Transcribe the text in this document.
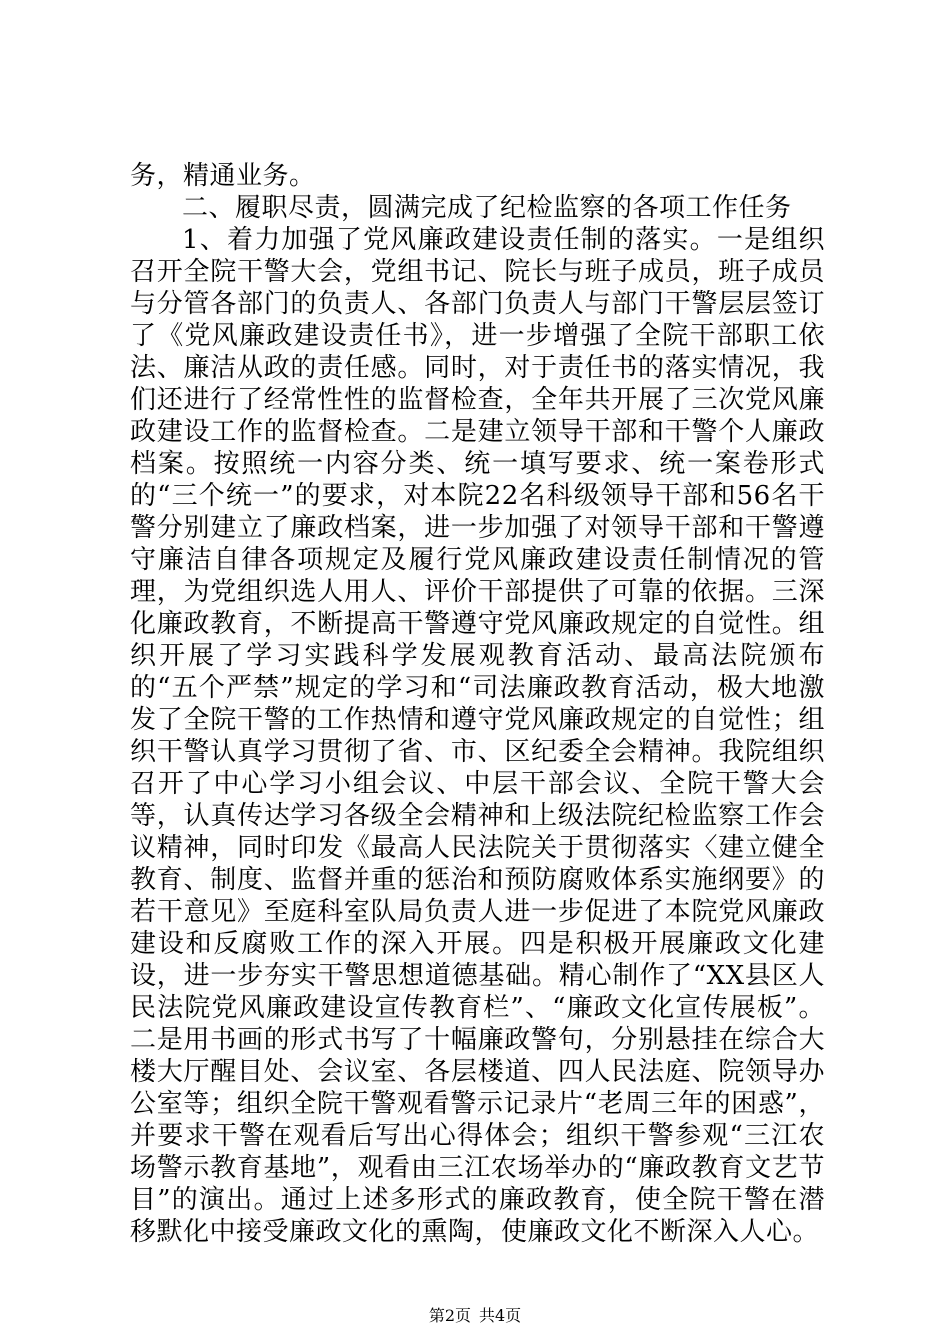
务，精通业务。

二、履职尽责，圆满完成了纪检监察的各项工作任务

1、着力加强了党风廉政建设责任制的落实。一是组织召开全院干警大会，党组书记、院长与班子成员，班子成员与分管各部门的负责人、各部门负责人与部门干警层层签订了《党风廉政建设责任书》，进一步增强了全院干部职工依法、廉洁从政的责任感。同时，对于责任书的落实情况，我们还进行了经常性性的监督检查，全年共开展了三次党风廉政建设工作的监督检查。二是建立领导干部和干警个人廉政档案。按照统一内容分类、统一填写要求、统一案卷形式的“三个统一”的要求，对本院22名科级领导干部和56名干警分别建立了廉政档案，进一步加强了对领导干部和干警遵守廉洁自律各项规定及履行党风廉政建设责任制情况的管理，为党组织选人用人、评价干部提供了可靠的依据。三深化廉政教育，不断提高干警遵守党风廉政规定的自觉性。组织开展了学习实践科学发展观教育活动、最高法院颁布的“五个严禁”规定的学习和“司法廉政教育活动，极大地激发了全院干警的工作热情和遵守党风廉政规定的自觉性；组织干警认真学习贯彻了省、市、区纪委全会精神。我院组织召开了中心学习小组会议、中层干部会议、全院干警大会等，认真传达学习各级全会精神和上级法院纪检监察工作会议精神，同时印发《最高人民法院关于贯彻落实〈建立健全教育、制度、监督并重的惩治和预防腐败体系实施纲要》的若干意见》至庭科室队局负责人进一步促进了本院党风廉政建设和反腐败工作的深入开展。四是积极开展廉政文化建设，进一步夯实干警思想道德基础。精心制作了“XX县区人民法院党风廉政建设宣传教育栏”、“廉政文化宣传展板”。二是用书画的形式书写了十幅廉政警句，分别悬挂在综合大楼大厅醒目处、会议室、各层楼道、四人民法庭、院领导办公室等；组织全院干警观看警示记录片“老周三年的困惑”，并要求干警在观看后写出心得体会；组织干警参观“三江农场警示教育基地”，观看由三江农场举办的“廉政教育文艺节目”的演出。通过上述多形式的廉政教育，使全院干警在潜移默化中接受廉政文化的熏陶，使廉政文化不断深入人心。

第2页 共4页
